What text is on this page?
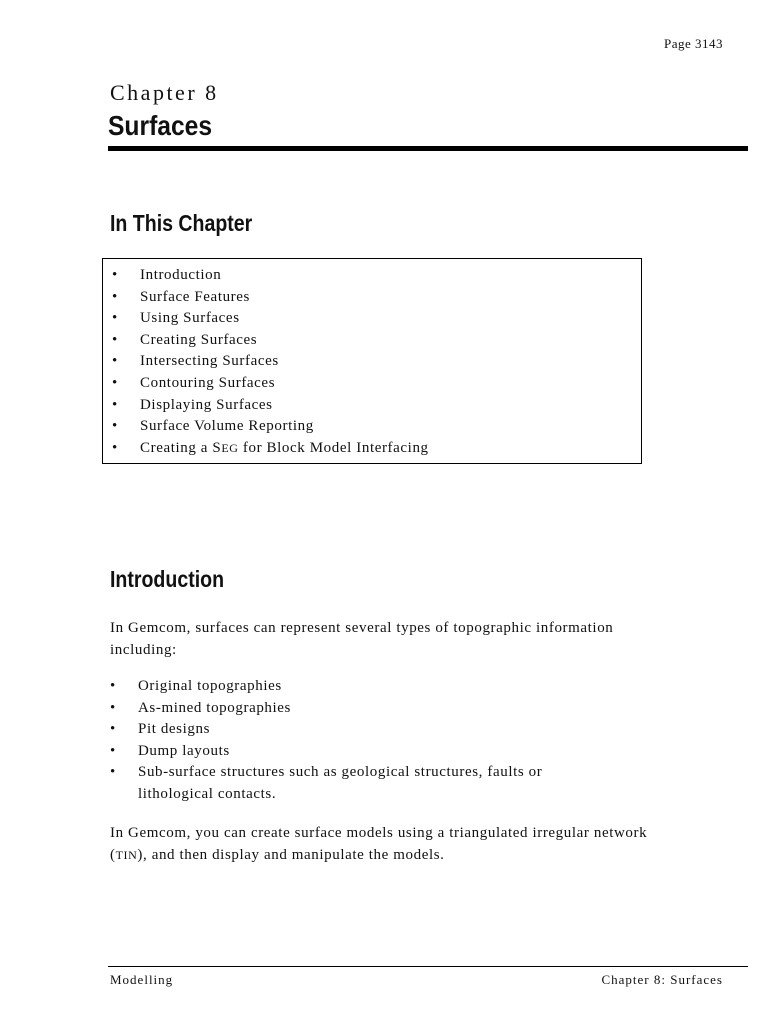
Page 3143
Chapter 8
Surfaces
In This Chapter
• Introduction
• Surface Features
• Using Surfaces
• Creating Surfaces
• Intersecting Surfaces
• Contouring Surfaces
• Displaying Surfaces
• Surface Volume Reporting
• Creating a SEG for Block Model Interfacing
Introduction

In Gemcom, surfaces can represent several types of topographic information including:

• Original topographies
• As-mined topographies
• Pit designs
• Dump layouts
• Sub-surface structures such as geological structures, faults or lithological contacts.

In Gemcom, you can create surface models using a triangulated irregular network (TIN), and then display and manipulate the models.

Modelling	Chapter 8: Surfaces
